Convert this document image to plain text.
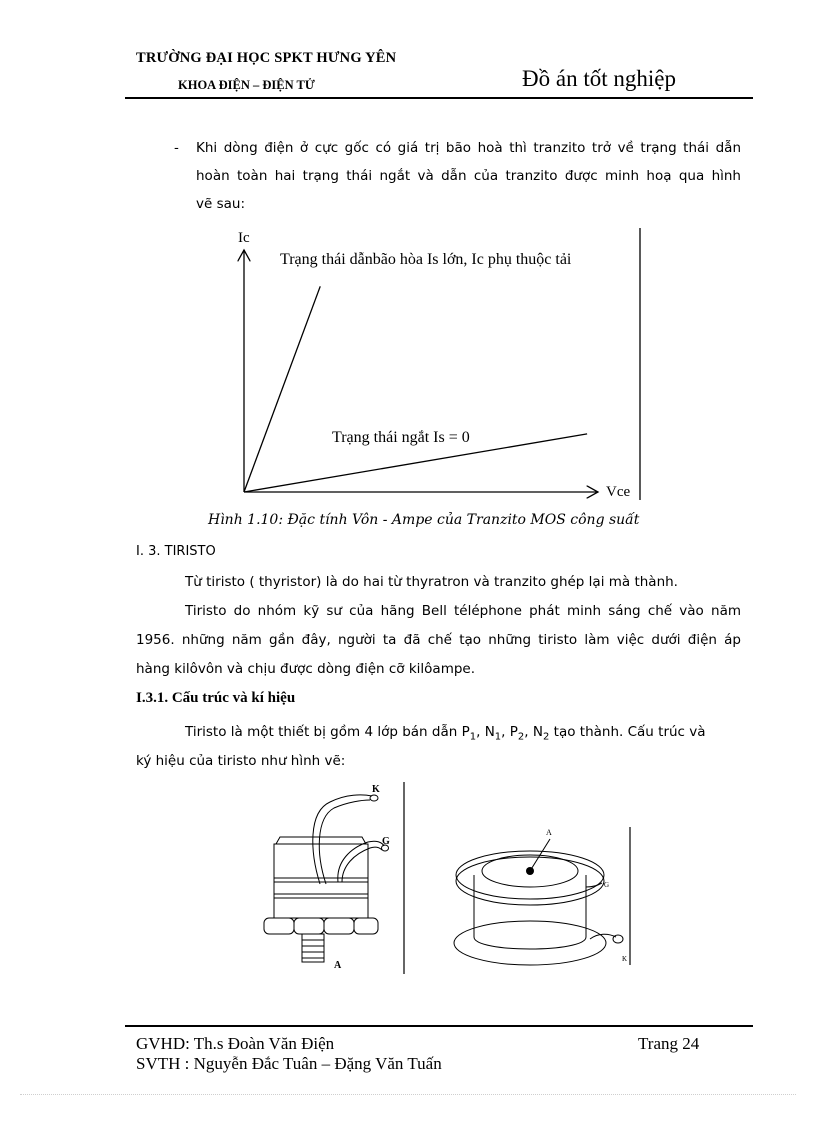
TRƯỜNG ĐẠI HỌC SPKT HƯNG YÊN
KHOA ĐIỆN – ĐIỆN TỬ	Đồ án tốt nghiệp
- Khi dòng điện ở cực gốc có giá trị bão hoà thì tranzito trở về trạng thái dẫn
hoàn toàn hai trạng thái ngắt và dẫn của tranzito được minh hoạ qua hình
vẽ sau:
Ic
Vce
Trạng thái dẫnbão hòa Is lớn, Ic phụ thuộc tải
Trạng thái ngắt Is = 0
Hình 1.10: Đặc tính Vôn - Ampe của Tranzito MOS công suất
I. 3. TIRISTO
Từ tiristo ( thyristor) là do hai từ thyratron và tranzito ghép lại mà thành.
Tiristo do nhóm kỹ sư của hãng Bell téléphone phát minh sáng chế vào năm
1956. những năm gần đây, người ta đã chế tạo những tiristo làm việc dưới điện áp
hàng kilôvôn và chịu được dòng điện cỡ kilôampe.
I.3.1. Cấu trúc và kí hiệu
Tiristo là một thiết bị gồm 4 lớp bán dẫn $P_1$, $N_1$, $P_2$, $N_2$ tạo thành. Cấu trúc và
ký hiệu của tiristo như hình vẽ:
K
G
A
A
G
K
GVHD: Th.s Đoàn Văn Điện	Trang 24
SVTH : Nguyễn Đắc Tuân – Đặng Văn Tuấn
